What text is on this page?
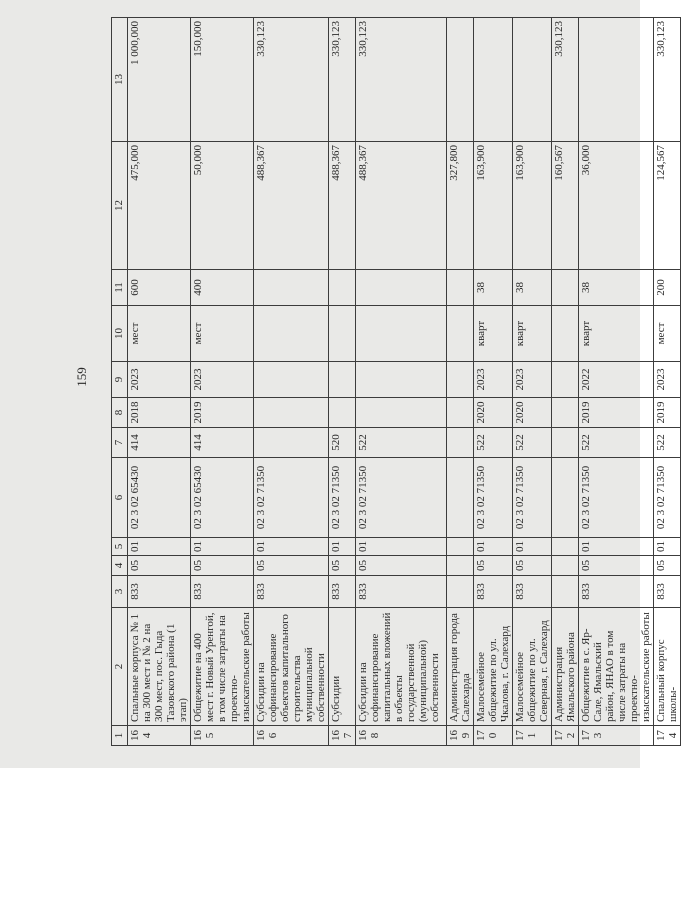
159
1	2	3	4	5	6	7	8	9	10	11	12	13
164	Спальные корпуса № 1 на 300 мест и № 2 на 300 мест, пос. Гыда Тазовского района (1 этап)	833	05	01	02 3 02 65430	414	2018	2023	мест	600	475,000	1 000,000
165	Общежитие на 400 мест г. Новый Уренгой, в том числе затраты на проектно-изыскательские работы	833	05	01	02 3 02 65430	414	2019	2023	мест	400	50,000	150,000
166	Субсидии на софинансирование объектов капитального строительства муниципальной собственности	833	05	01	02 3 02 71350						488,367	330,123
167	Субсидии	833	05	01	02 3 02 71350	520					488,367	330,123
168	Субсидии на софинансирование капитальных вложений в объекты государственной (муниципальной) собственности	833	05	01	02 3 02 71350	522					488,367	330,123
169	Администрация города Салехарда										327,800	
170	Малосемейное общежитие по ул. Чкалова, г. Салехард	833	05	01	02 3 02 71350	522	2020	2023	кварт	38	163,900	
171	Малосемейное общежитие по ул. Северная, г. Салехард	833	05	01	02 3 02 71350	522	2020	2023	кварт	38	163,900	
172	Администрация Ямальского района										160,567	330,123
173	Общежитие в с. Яр-Сале, Ямальский район, ЯНАО в том числе затраты на проектно-изыскательские работы	833	05	01	02 3 02 71350	522	2019	2022	кварт	38	36,000	
174	Спальный корпус школы-	833	05	01	02 3 02 71350	522	2019	2023	мест	200	124,567	330,123
